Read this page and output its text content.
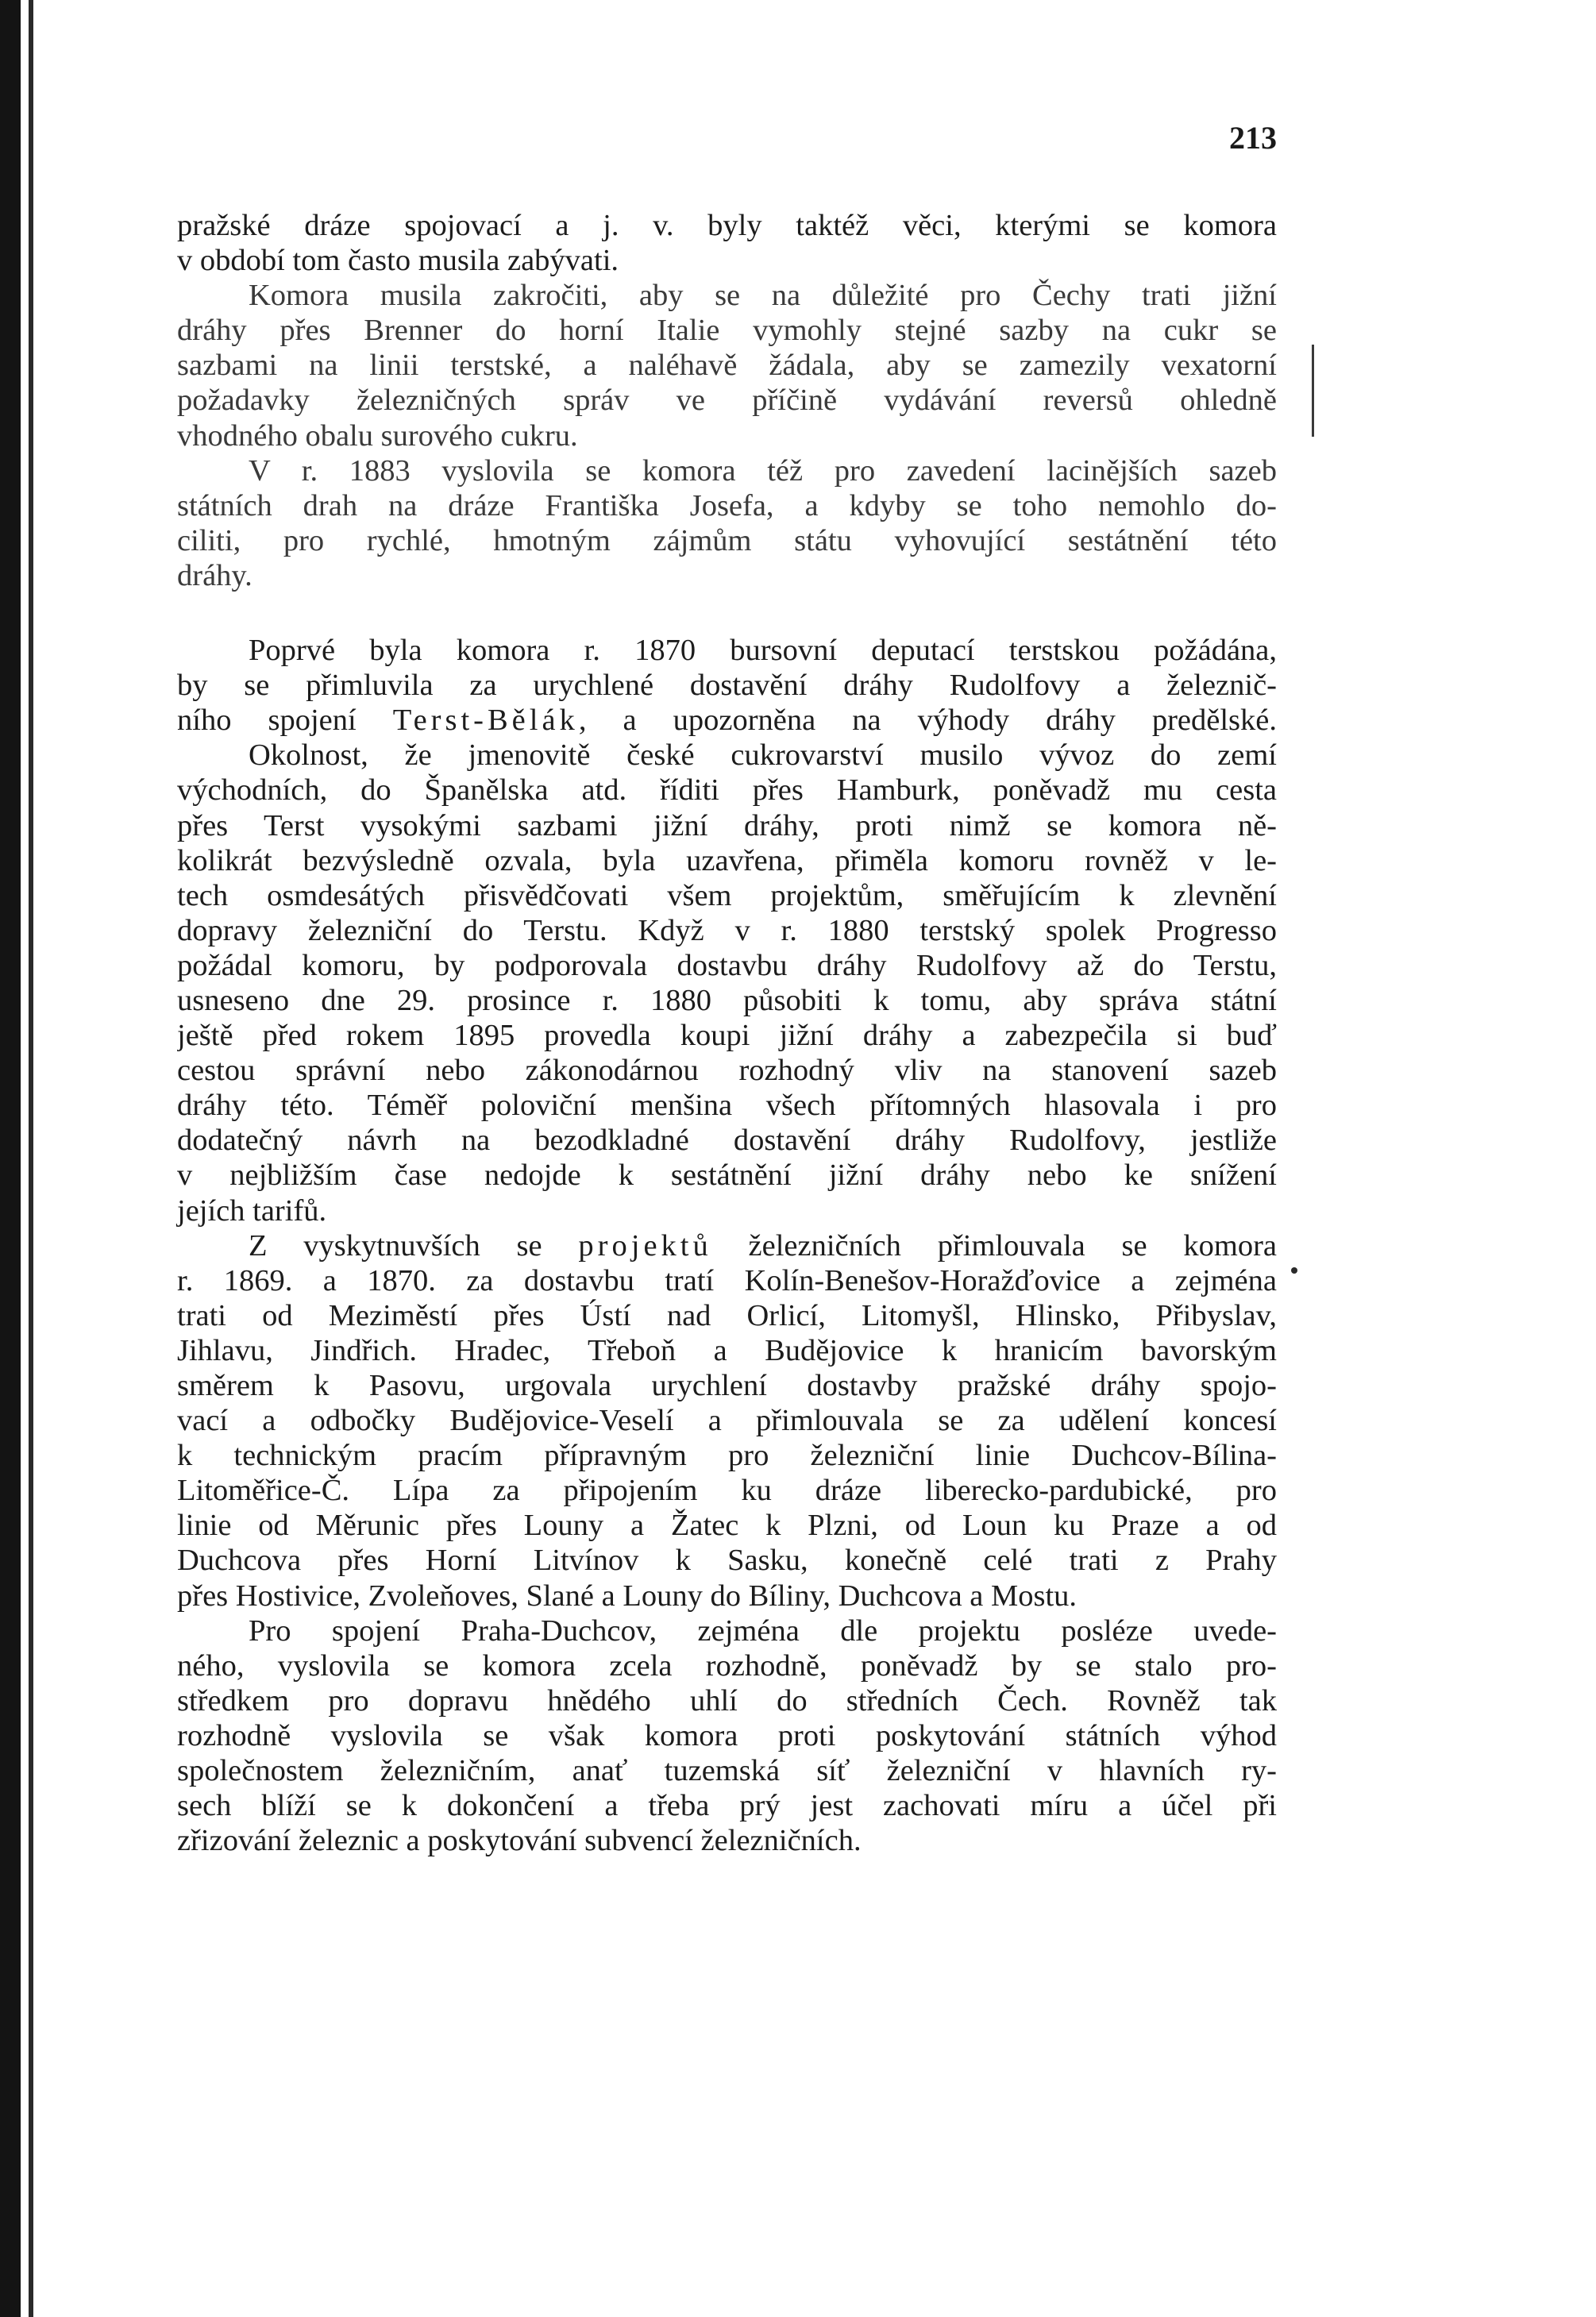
213
pražské dráze spojovací a j. v. byly taktéž věci, kterými se komora
v období tom často musila zabývati.
Komora musila zakročiti, aby se na důležité pro Čechy trati jižní
dráhy přes Brenner do horní Italie vymohly stejné sazby na cukr se
sazbami na linii terstské, a naléhavě žádala, aby se zamezily vexatorní
požadavky železničných správ ve příčině vydávání reversů ohledně
vhodného obalu surového cukru.
V r. 1883 vyslovila se komora též pro zavedení lacinějších sazeb
státních drah na dráze Františka Josefa, a kdyby se toho nemohlo do-
ciliti, pro rychlé, hmotným zájmům státu vyhovující sestátnění této
dráhy.
Poprvé byla komora r. 1870 bursovní deputací terstskou požádána,
by se přimluvila za urychlené dostavění dráhy Rudolfovy a železnič-
ního spojení Terst-Bělák, a upozorněna na výhody dráhy predělské.
Okolnost, že jmenovitě české cukrovarství musilo vývoz do zemí
východních, do Španělska atd. říditi přes Hamburk, poněvadž mu cesta
přes Terst vysokými sazbami jižní dráhy, proti nimž se komora ně-
kolikrát bezvýsledně ozvala, byla uzavřena, přiměla komoru rovněž v le-
tech osmdesátých přisvědčovati všem projektům, směřujícím k zlevnění
dopravy železniční do Terstu. Když v r. 1880 terstský spolek Progresso
požádal komoru, by podporovala dostavbu dráhy Rudolfovy až do Terstu,
usneseno dne 29. prosince r. 1880 působiti k tomu, aby správa státní
ještě před rokem 1895 provedla koupi jižní dráhy a zabezpečila si buď
cestou správní nebo zákonodárnou rozhodný vliv na stanovení sazeb
dráhy této. Téměř poloviční menšina všech přítomných hlasovala i pro
dodatečný návrh na bezodkladné dostavění dráhy Rudolfovy, jestliže
v nejbližším čase nedojde k sestátnění jižní dráhy nebo ke snížení
jejích tarifů.
Z vyskytnuvších se projektů železničních přimlouvala se komora
r. 1869. a 1870. za dostavbu tratí Kolín-Benešov-Horažďovice a zejména
trati od Meziměstí přes Ústí nad Orlicí, Litomyšl, Hlinsko, Přibyslav,
Jihlavu, Jindřich. Hradec, Třeboň a Budějovice k hranicím bavorským
směrem k Pasovu, urgovala urychlení dostavby pražské dráhy spojo-
vací a odbočky Budějovice-Veselí a přimlouvala se za udělení koncesí
k technickým pracím přípravným pro železniční linie Duchcov-Bílina-
Litoměřice-Č. Lípa za připojením ku dráze liberecko-pardubické, pro
linie od Měrunic přes Louny a Žatec k Plzni, od Loun ku Praze a od
Duchcova přes Horní Litvínov k Sasku, konečně celé trati z Prahy
přes Hostivice, Zvoleňoves, Slané a Louny do Bíliny, Duchcova a Mostu.
Pro spojení Praha-Duchcov, zejména dle projektu posléze uvede-
ného, vyslovila se komora zcela rozhodně, poněvadž by se stalo pro-
středkem pro dopravu hnědého uhlí do středních Čech. Rovněž tak
rozhodně vyslovila se však komora proti poskytování státních výhod
společnostem železničním, anať tuzemská síť železniční v hlavních ry-
sech blíží se k dokončení a třeba prý jest zachovati míru a účel při
zřizování železnic a poskytování subvencí železničních.
